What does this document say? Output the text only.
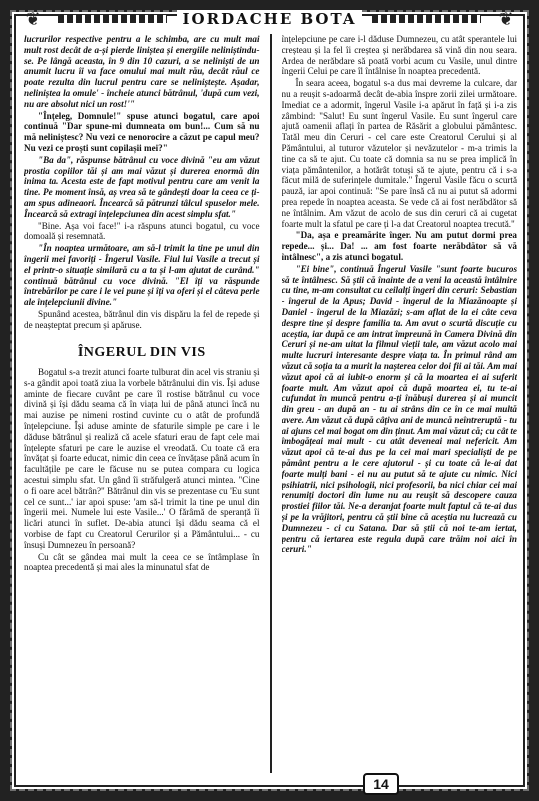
❦	IORDACHE BOTA	❦

lucrurilor respective pentru a le schimba, are cu mult mai mult rost decât de a-și pierde liniștea și energiile neliniștindu-se. Pe lângă aceasta, în 9 din 10 cazuri, a se neliniști de un anumit lucru îi va face omului mai mult rău, decât răul ce poate rezulta din lucrul pentru care se neliniștește. Așadar, neliniștea la omule' - încheie atunci bătrânul, 'după cum vezi, nu are absolut nici un rost!'"

"Înțeleg, Domnule!" spuse atunci bogatul, care apoi continuă "Dar spune-mi dumneata om bun!... Cum să nu mă neliniștesc? Nu vezi ce nenorocire a căzut pe capul meu? Nu vezi ce proști sunt copilașii mei?"

"Ba da", răspunse bătrânul cu voce divină "eu am văzut prostia copiilor tăi și am mai văzut și durerea enormă din inima ta. Acesta este de fapt motivul pentru care am venit la tine. Pe moment însă, aș vrea să te gândești doar la ceea ce ți-am spus adineaori. Încearcă să pătrunzi tâlcul spuselor mele. Încearcă să extragi înțelepciunea din acest simplu sfat."

"Bine. Așa voi face!" i-a răspuns atunci bogatul, cu voce domoală și resemnată.

"În noaptea următoare, am să-l trimit la tine pe unul din îngerii mei favoriți - Îngerul Vasile. Fiul lui Vasile a trecut și el printr-o situație similară cu a ta și l-am ajutat de curând." continuă bătrânul cu voce divină. "El îți va răspunde întrebărilor pe care i le vei pune și îți va oferi și el câteva perle ale înțelepciunii divine."

Spunând acestea, bătrânul din vis dispăru la fel de repede și de neașteptat precum și apăruse.

ÎNGERUL DIN VIS

Bogatul s-a trezit atunci foarte tulburat din acel vis straniu și s-a gândit apoi toată ziua la vorbele bătrânului din vis. Își aduse aminte de fiecare cuvânt pe care îl rostise bătrânul cu voce divină și își dădu seama că în viața lui de până atunci încă nu mai auzise pe nimeni rostind cuvinte cu o atât de profundă înțelepciune. Își aduse aminte de sfaturile simple pe care i le dăduse bătrânul și realiză că acele sfaturi erau de fapt cele mai înțelepte sfaturi pe care le auzise el vreodată. Cu toate că era învățat și foarte educat, nimic din ceea ce învățase până acum în facultățile pe care le făcuse nu se putea compara cu logica acestui simplu sfat. Un gând îi străfulgeră atunci mintea. "Cine o fi oare acel bătrân?" Bătrânul din vis se prezentase cu 'Eu sunt cel ce sunt...' iar apoi spuse: 'am să-l trimit la tine pe unul din îngerii mei. Numele lui este Vasile...' O fărâmă de speranță îi licări atunci în suflet. De-abia atunci își dădu seama că el vorbise de fapt cu Creatorul Cerurilor și a Pământului... - cu însuși Dumnezeu în persoană?

Cu cât se gândea mai mult la ceea ce se întâmplase în noaptea precedentă și mai ales la minunatul sfat de

înțelepciune pe care i-l dăduse Dumnezeu, cu atât sperantele lui creșteau și la fel îi creștea și nerăbdarea să vină din nou seara. Ardea de nerăbdare să poată vorbi acum cu Vasile, unul dintre îngerii Celui pe care îl întâlnise în noaptea precedentă.

În seara aceea, bogatul s-a dus mai devreme la culcare, dar nu a reușit s-adoarmă decât de-abia înspre zorii zilei următoare. Imediat ce a adormit, îngerul Vasile i-a apărut în față și i-a zis zâmbind: "Salut! Eu sunt îngerul Vasile. Eu sunt îngerul care ajută oamenii aflați în partea de Răsărit a globului pământesc. Tatăl meu din Ceruri - cel care este Creatorul Cerului și al Pământului, al tuturor văzutelor și nevăzutelor - m-a trimis la tine ca să te ajut. Cu toate că domnia sa nu se prea implică în viața pământenilor, a hotărât totuși să te ajute, pentru că i s-a făcut milă de suferințele dumitale." Îngerul Vasile făcu o scurtă pauză, iar apoi continuă: "Se pare însă că nu ai putut să adormi prea repede în noaptea aceasta. Se vede că ai fost nerăbdător să ne întâlnim. Am văzut de acolo de sus din ceruri că ai cugetat foarte mult la sfatul pe care ți l-a dat Creatorul noaptea trecută."

"Da, așa e preamărite înger. Nu am putut dormi prea repede... și... Da! ... am fost foarte nerăbdător să vă întâlnesc", a zis atunci bogatul.

"Ei bine", continuă Îngerul Vasile "sunt foarte bucuros să te întâlnesc. Să știi că înainte de a veni la această întâlnire cu tine, m-am consultat cu ceilalți îngeri din ceruri: Sebastian - îngerul de la Apus; David - îngerul de la Miazănoapte și Daniel - îngerul de la Miazăzi; s-am aflat de la ei câte ceva despre tine și despre familia ta. Am avut o scurtă discuție cu aceștia, iar după ce am intrat împreună în Camera Divină din Ceruri și ne-am uitat la filmul vieții tale, am văzut acolo mai multe lucruri interesante despre viața ta. În primul rând am văzut că soția ta a murit la nașterea celor doi fii ai tăi. Am mai văzut apoi că ai iubit-o enorm și că la moartea ei ai suferit foarte mult. Am văzut apoi că după moartea ei, tu te-ai cufundat în muncă pentru a-ți înăbuși durerea și ai muncit din greu - an după an - tu ai strâns din ce în ce mai multă avere. Am văzut că după câțiva ani de muncă neîntreruptă - tu ai ajuns cel mai bogat om din ținut. Am mai văzut că; cu cât te îmbogățeai mai mult - cu atât deveneai mai nefericit. Am văzut apoi că te-ai dus pe la cei mai mari specialiști de pe pământ pentru a le cere ajutorul - și cu toate că le-ai dat foarte mulți bani - ei nu au putut să te ajute cu nimic. Nici psihiatrii, nici psihologii, nici profesorii, ba nici chiar cei mai renumiți doctori din lume nu au reușit să descopere cauza prostiei fiilor tăi. Ne-a deranjat foarte mult faptul că te-ai dus și pe la vrăjitori, pentru că știi bine că aceștia nu lucrează cu Dumnezeu - ci cu Satana. Dar să știi că noi te-am iertat, pentru că iertarea este regula după care trăim noi aici în ceruri."

14
